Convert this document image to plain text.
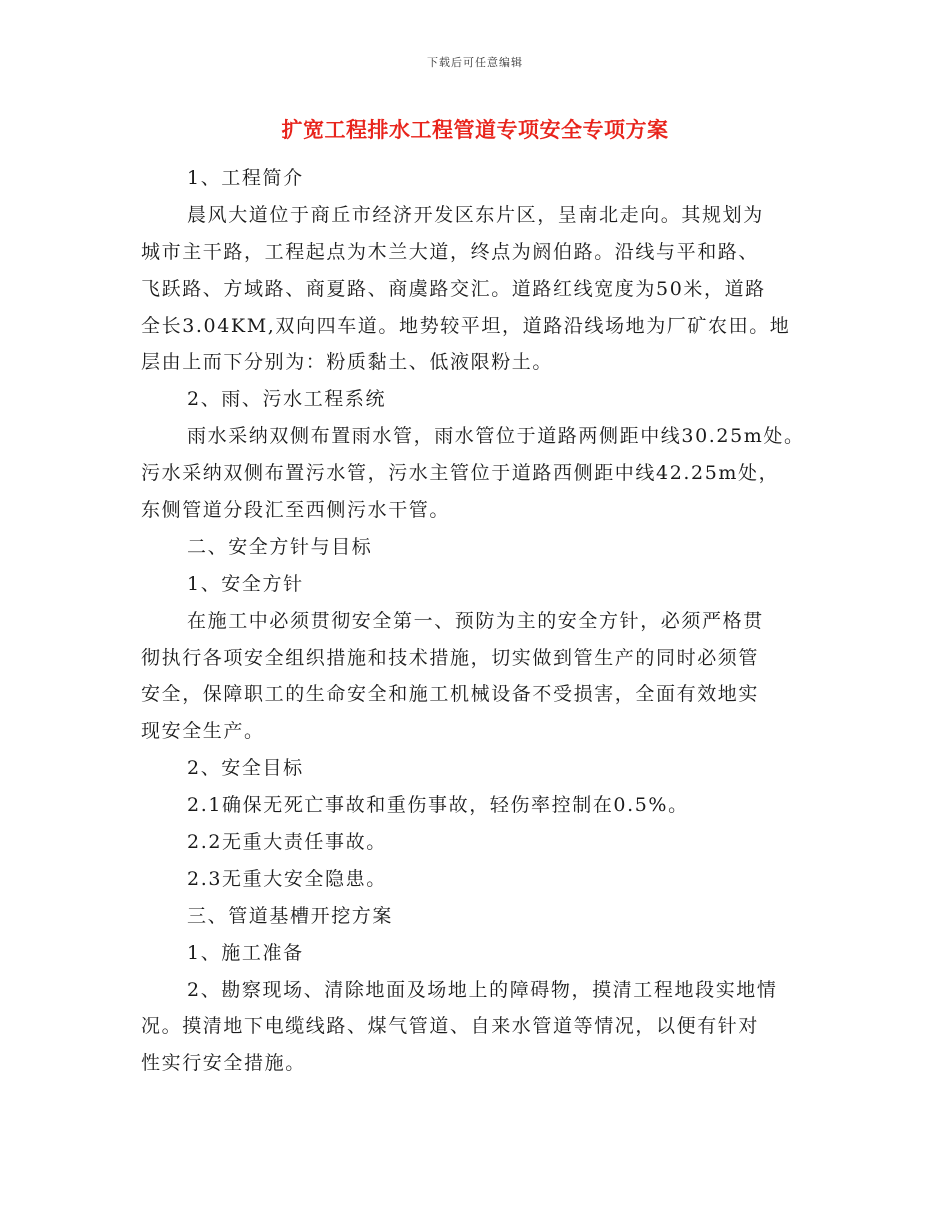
下载后可任意编辑
扩宽工程排水工程管道专项安全专项方案
1、工程简介
晨风大道位于商丘市经济开发区东片区，呈南北走向。其规划为
城市主干路，工程起点为木兰大道，终点为阏伯路。沿线与平和路、
飞跃路、方域路、商夏路、商虞路交汇。道路红线宽度为50米，道路
全长3.04KM,双向四车道。地势较平坦，道路沿线场地为厂矿农田。地
层由上而下分别为：粉质黏土、低液限粉土。
2、雨、污水工程系统
雨水采纳双侧布置雨水管，雨水管位于道路两侧距中线30.25m处。
污水采纳双侧布置污水管，污水主管位于道路西侧距中线42.25m处，
东侧管道分段汇至西侧污水干管。
二、安全方针与目标
1、安全方针
在施工中必须贯彻安全第一、预防为主的安全方针，必须严格贯
彻执行各项安全组织措施和技术措施，切实做到管生产的同时必须管
安全，保障职工的生命安全和施工机械设备不受损害，全面有效地实
现安全生产。
2、安全目标
2.1确保无死亡事故和重伤事故，轻伤率控制在0.5%。
2.2无重大责任事故。
2.3无重大安全隐患。
三、管道基槽开挖方案
1、施工准备
2、勘察现场、清除地面及场地上的障碍物，摸清工程地段实地情
况。摸清地下电缆线路、煤气管道、自来水管道等情况，以便有针对
性实行安全措施。
